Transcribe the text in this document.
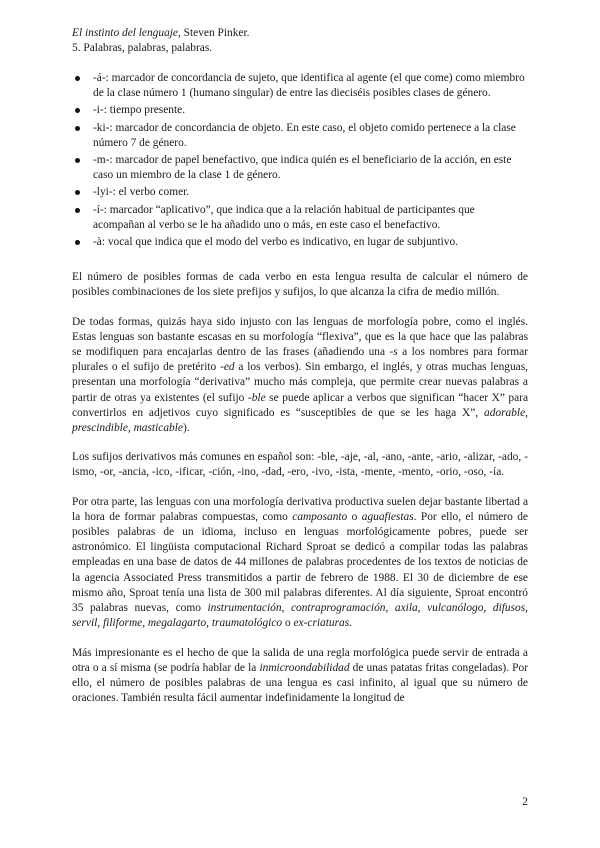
El instinto del lenguaje, Steven Pinker.
5. Palabras, palabras, palabras.
-á-: marcador de concordancia de sujeto, que identifica al agente (el que come) como miembro de la clase número 1 (humano singular) de entre las dieciséis posibles clases de género.
-i-: tiempo presente.
-ki-: marcador de concordancia de objeto. En este caso, el objeto comido pertenece a la clase número 7 de género.
-m-: marcador de papel benefactivo, que indica quién es el beneficiario de la acción, en este caso un miembro de la clase 1 de género.
-lyi-: el verbo comer.
-í-: marcador “aplicativo”, que indica que a la relación habitual de participantes que acompañan al verbo se le ha añadido uno o más, en este caso el benefactivo.
-à: vocal que indica que el modo del verbo es indicativo, en lugar de subjuntivo.

El número de posibles formas de cada verbo en esta lengua resulta de calcular el número de posibles combinaciones de los siete prefijos y sufijos, lo que alcanza la cifra de medio millón.

De todas formas, quizás haya sido injusto con las lenguas de morfología pobre, como el inglés. Estas lenguas son bastante escasas en su morfología “flexiva”, que es la que hace que las palabras se modifiquen para encajarlas dentro de las frases (añadiendo una -s a los nombres para formar plurales o el sufijo de pretérito -ed a los verbos). Sin embargo, el inglés, y otras muchas lenguas, presentan una morfología “derivativa” mucho más compleja, que permite crear nuevas palabras a partir de otras ya existentes (el sufijo -ble se puede aplicar a verbos que significan “hacer X” para convertirlos en adjetivos cuyo significado es “susceptibles de que se les haga X”, adorable, prescindible, masticable).

Los sufijos derivativos más comunes en español son: -ble, -aje, -al, -ano, -ante, -ario, -alizar, -ado, -ismo, -or, -ancia, -ico, -ificar, -ción, -ino, -dad, -ero, -ivo, -ista, -mente, -mento, -orio, -oso, -ía.

Por otra parte, las lenguas con una morfología derivativa productiva suelen dejar bastante libertad a la hora de formar palabras compuestas, como camposanto o aguafiestas. Por ello, el número de posibles palabras de un idioma, incluso en lenguas morfológicamente pobres, puede ser astronómico. El lingüista computacional Richard Sproat se dedicó a compilar todas las palabras empleadas en una base de datos de 44 millones de palabras procedentes de los textos de noticias de la agencia Associated Press transmitidos a partir de febrero de 1988. El 30 de diciembre de ese mismo año, Sproat tenía una lista de 300 mil palabras diferentes. Al día siguiente, Sproat encontró 35 palabras nuevas, como instrumentación, contraprogramación, axila, vulcanólogo, difusos, servil, filiforme, megalagarto, traumatológico o ex-criaturas.

Más impresionante es el hecho de que la salida de una regla morfológica puede servir de entrada a otra o a sí misma (se podría hablar de la inmicroondabilidad de unas patatas fritas congeladas). Por ello, el número de posibles palabras de una lengua es casi infinito, al igual que su número de oraciones. También resulta fácil aumentar indefinidamente la longitud de

2
